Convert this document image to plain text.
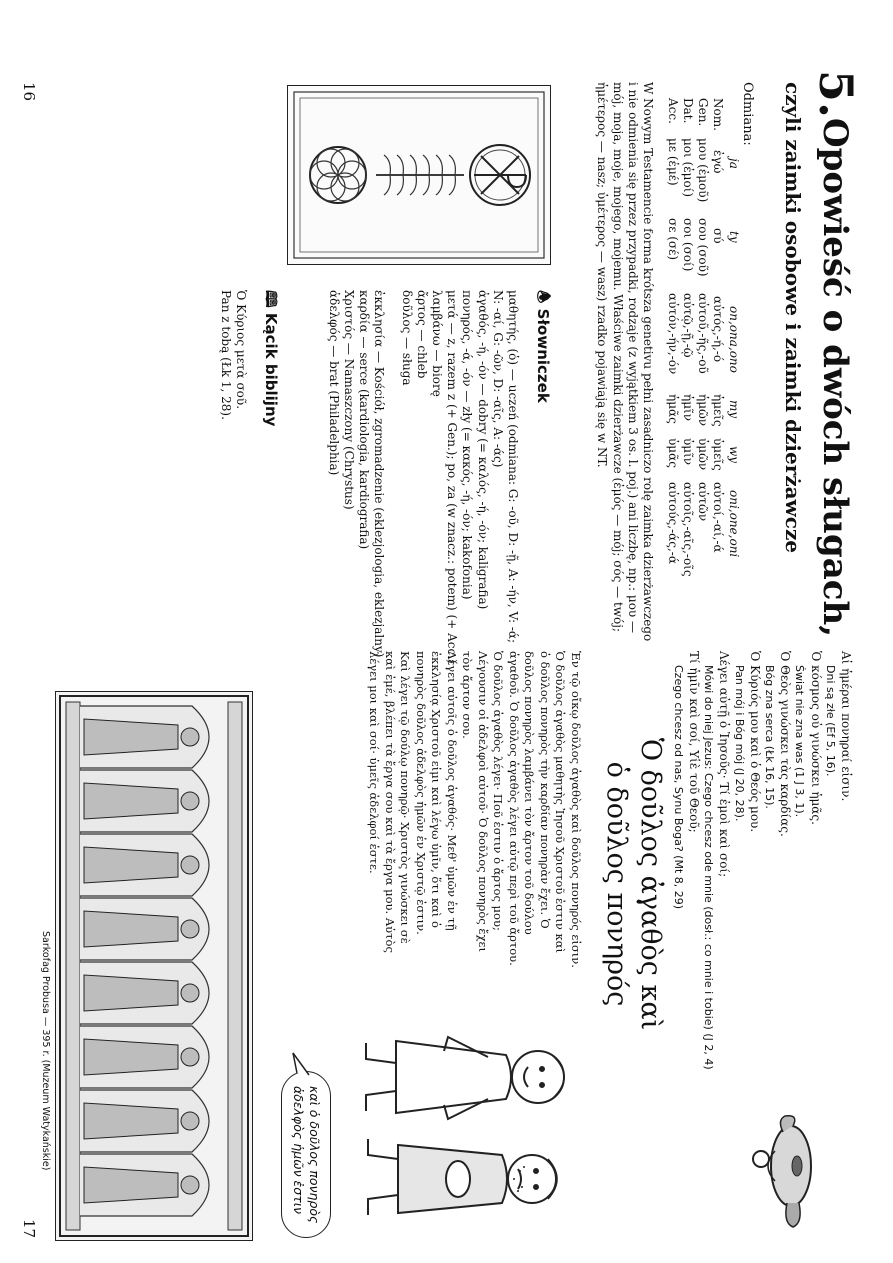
5.
Opowieść o dwóch sługach,
czyli zaimki osobowe i zaimki dzierżawcze
Odmiana:
ja
ty
on,ona,ono
my
wy
oni,one,oni
Nom.
ἐγώ
σύ
αὐτός,-ή,-ό
ἡμεῖς
ὑμεῖς
αὐτοί,-αί,-ά
Gen.
μου (ἐμοῦ)
σου (σοῦ)
αὐτοῦ,-ῆς,-οῦ
ἡμῶν
ὑμῶν
αὐτῶν
Dat.
μοι (ἐμοί)
σοι (σοί)
αὐτῷ,-ῇ,-ῷ
ἡμῖν
ὑμῖν
αὐτοῖς,-αῖς,-οῖς
Acc.
με (ἐμέ)
σε (σέ)
αὐτόν,-ήν,-όν
ἡμᾶς
ὑμᾶς
αὐτούς,-άς,-ά
W Nowym Testamencie forma krótsza genetivu pełni zasadniczo rolę zaimka dzierżawczego
i nie odmienia się przez przypadki, rodzaje (z wyjątkiem 3 os. l. poj.) ani liczbę, np.: μου —
mój, moja, moje, mojego, mojemu. Właściwe zaimki dzierżawcze (ἐμός — mój; σός — twój;
ἡμέτερος — nasz; ὑμέτερος — wasz) rzadko pojawiają się w NT.
🕭 Słowniczek
μαθητής, (ὁ) — uczeń (odmiana: G: -οῦ, D: -ῇ, A: -ήν, V: -ά;
N: -αί, G: -ῶν, D: -αῖς, A: -άς)
ἀγαθός, -ή, -όν — dobry (= καλός, -ή, -όν; kaligrafia)
πονηρός, -ά, -όν — zły (= κακός, -ή, -όν; kakofonia)
μετά — z, razem z (+ Gen.); po, za (w znacz.: potem) (+ Acc.)
λαμβάνω — biorę
ἄρτος — chleb
δοῦλος — sługa
ἐκκλησία — Kościół, zgromadzenie (eklezjologia, eklezjalny)
καρδία — serce (kardiologia, kardiografia)
Χριστός — Namaszczony (Chrystus)
ἀδελφός — brat (Philadelphia)
🕮 Kącik biblijny
Ὁ Κύριος μετὰ σοῦ.
Pan z tobą (Łk 1, 28).
16
Αἱ ἡμέραι πονηραί εἰσιν.
Dni są złe (Ef 5, 16).
Ὁ κόσμος οὐ γινώσκει ἡμᾶς.
Świat nie zna was (1 J 3, 1).
Ὁ Θεὸς γινώσκει τὰς καρδίας.
Bóg zna serca (Łk 16, 15).
Ὁ Κύριός μου καὶ ὁ Θεός μου.
Pan mój i Bóg mój (J 20, 28).
Λέγει αὐτῇ ὁ Ἰησοῦς· Τί ἐμοὶ καὶ σοί;
Mówi do niej Jezus: Czego chcesz ode mnie (dosł.: co mnie i tobie) (J 2, 4)
Τί ἡμῖν καὶ σοί, Υἱὲ τοῦ Θεοῦ;
Czego chcesz od nas, Synu Boga? (Mt 8, 29)
Ὁ δοῦλος ἀγαθὸς καὶ
ὁ δοῦλος πονηρός
Ἐν τῷ οἴκῳ δοῦλος ἀγαθὸς καὶ δοῦλος πονηρός εἰσιν.
Ὁ δοῦλος ἀγαθὸς μαθητὴς Ἰησοῦ Χριστοῦ ἐστιν καὶ
ὁ δοῦλος πονηρὸς τὴν καρδίαν πονηρὰν ἔχει. Ὁ
δοῦλος πονηρὸς λαμβάνει τὸν ἄρτον τοῦ δούλου
ἀγαθοῦ. Ὁ δοῦλος ἀγαθὸς λέγει αὐτῷ περὶ τοῦ ἄρτου.
Ὁ δοῦλος ἀγαθὸς λέγει· Ποῦ ἐστιν ὁ ἄρτος μου;
Λέγουσιν οἱ ἀδελφοὶ αὐτοῦ· Ὁ δοῦλος πονηρὸς ἔχει
τὸν ἄρτον σου.
Λέγει αὐτοῖς ὁ δοῦλος ἀγαθός· Μεθ' ὑμῶν ἐν τῇ
ἐκκλησίᾳ Χριστοῦ εἰμι καὶ λέγω ὑμῖν, ὅτι καὶ ὁ
πονηρὸς δοῦλος ἀδελφὸς ἡμῶν ἐν Χριστῷ ἐστιν.
Καὶ λέγει τῷ δούλῳ πονηρῷ· Χριστὸς γινώσκει σὲ
καὶ ἐμέ, βλέπει τὰ ἔργα σου καὶ τὰ ἔργα μου. Αὐτὸς
λέγει μοι καὶ σοί· ὑμεῖς ἀδελφοί ἐστε.
καὶ ὁ δοῦλος πονηρὸς
ἀδελφὸς ἡμῶν ἐστιν
Sarkofag Probusa — 395 r. (Muzeum Watykańskie)
17
